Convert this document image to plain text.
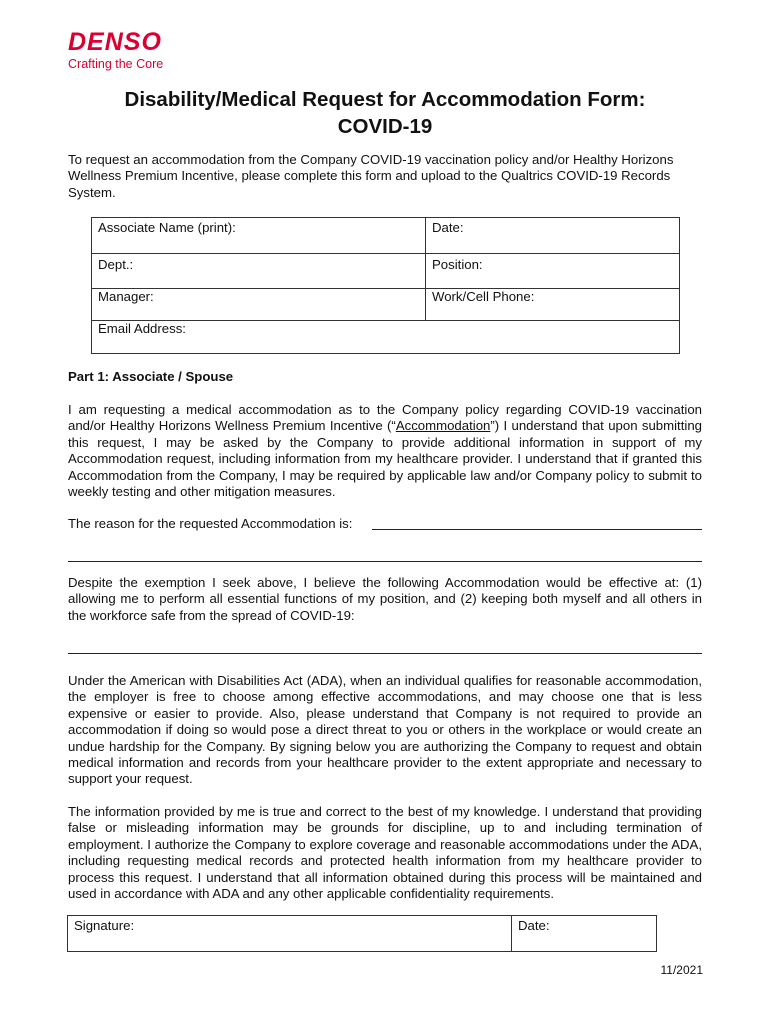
DENSO
Crafting the Core
Disability/Medical Request for Accommodation Form:
COVID-19
To request an accommodation from the Company COVID-19 vaccination policy and/or Healthy Horizons Wellness Premium Incentive, please complete this form and upload to the Qualtrics COVID-19 Records System.
Associate Name (print):	Date:
Dept.:	Position:
Manager:	Work/Cell Phone:
Email Address:	
Part 1: Associate / Spouse
I am requesting a medical accommodation as to the Company policy regarding COVID-19 vaccination and/or Healthy Horizons Wellness Premium Incentive (“Accommodation”) I understand that upon submitting this request, I may be asked by the Company to provide additional information in support of my Accommodation request, including information from my healthcare provider. I understand that if granted this Accommodation from the Company, I may be required by applicable law and/or Company policy to submit to weekly testing and other mitigation measures.
The reason for the requested Accommodation is:
Despite the exemption I seek above, I believe the following Accommodation would be effective at: (1) allowing me to perform all essential functions of my position, and (2) keeping both myself and all others in the workforce safe from the spread of COVID-19:
Under the American with Disabilities Act (ADA), when an individual qualifies for reasonable accommodation, the employer is free to choose among effective accommodations, and may choose one that is less expensive or easier to provide. Also, please understand that Company is not required to provide an accommodation if doing so would pose a direct threat to you or others in the workplace or would create an undue hardship for the Company. By signing below you are authorizing the Company to request and obtain medical information and records from your healthcare provider to the extent appropriate and necessary to support your request.
The information provided by me is true and correct to the best of my knowledge. I understand that providing false or misleading information may be grounds for discipline, up to and including termination of employment. I authorize the Company to explore coverage and reasonable accommodations under the ADA, including requesting medical records and protected health information from my healthcare provider to process this request. I understand that all information obtained during this process will be maintained and used in accordance with ADA and any other applicable confidentiality requirements.
Signature:	Date:
11/2021
